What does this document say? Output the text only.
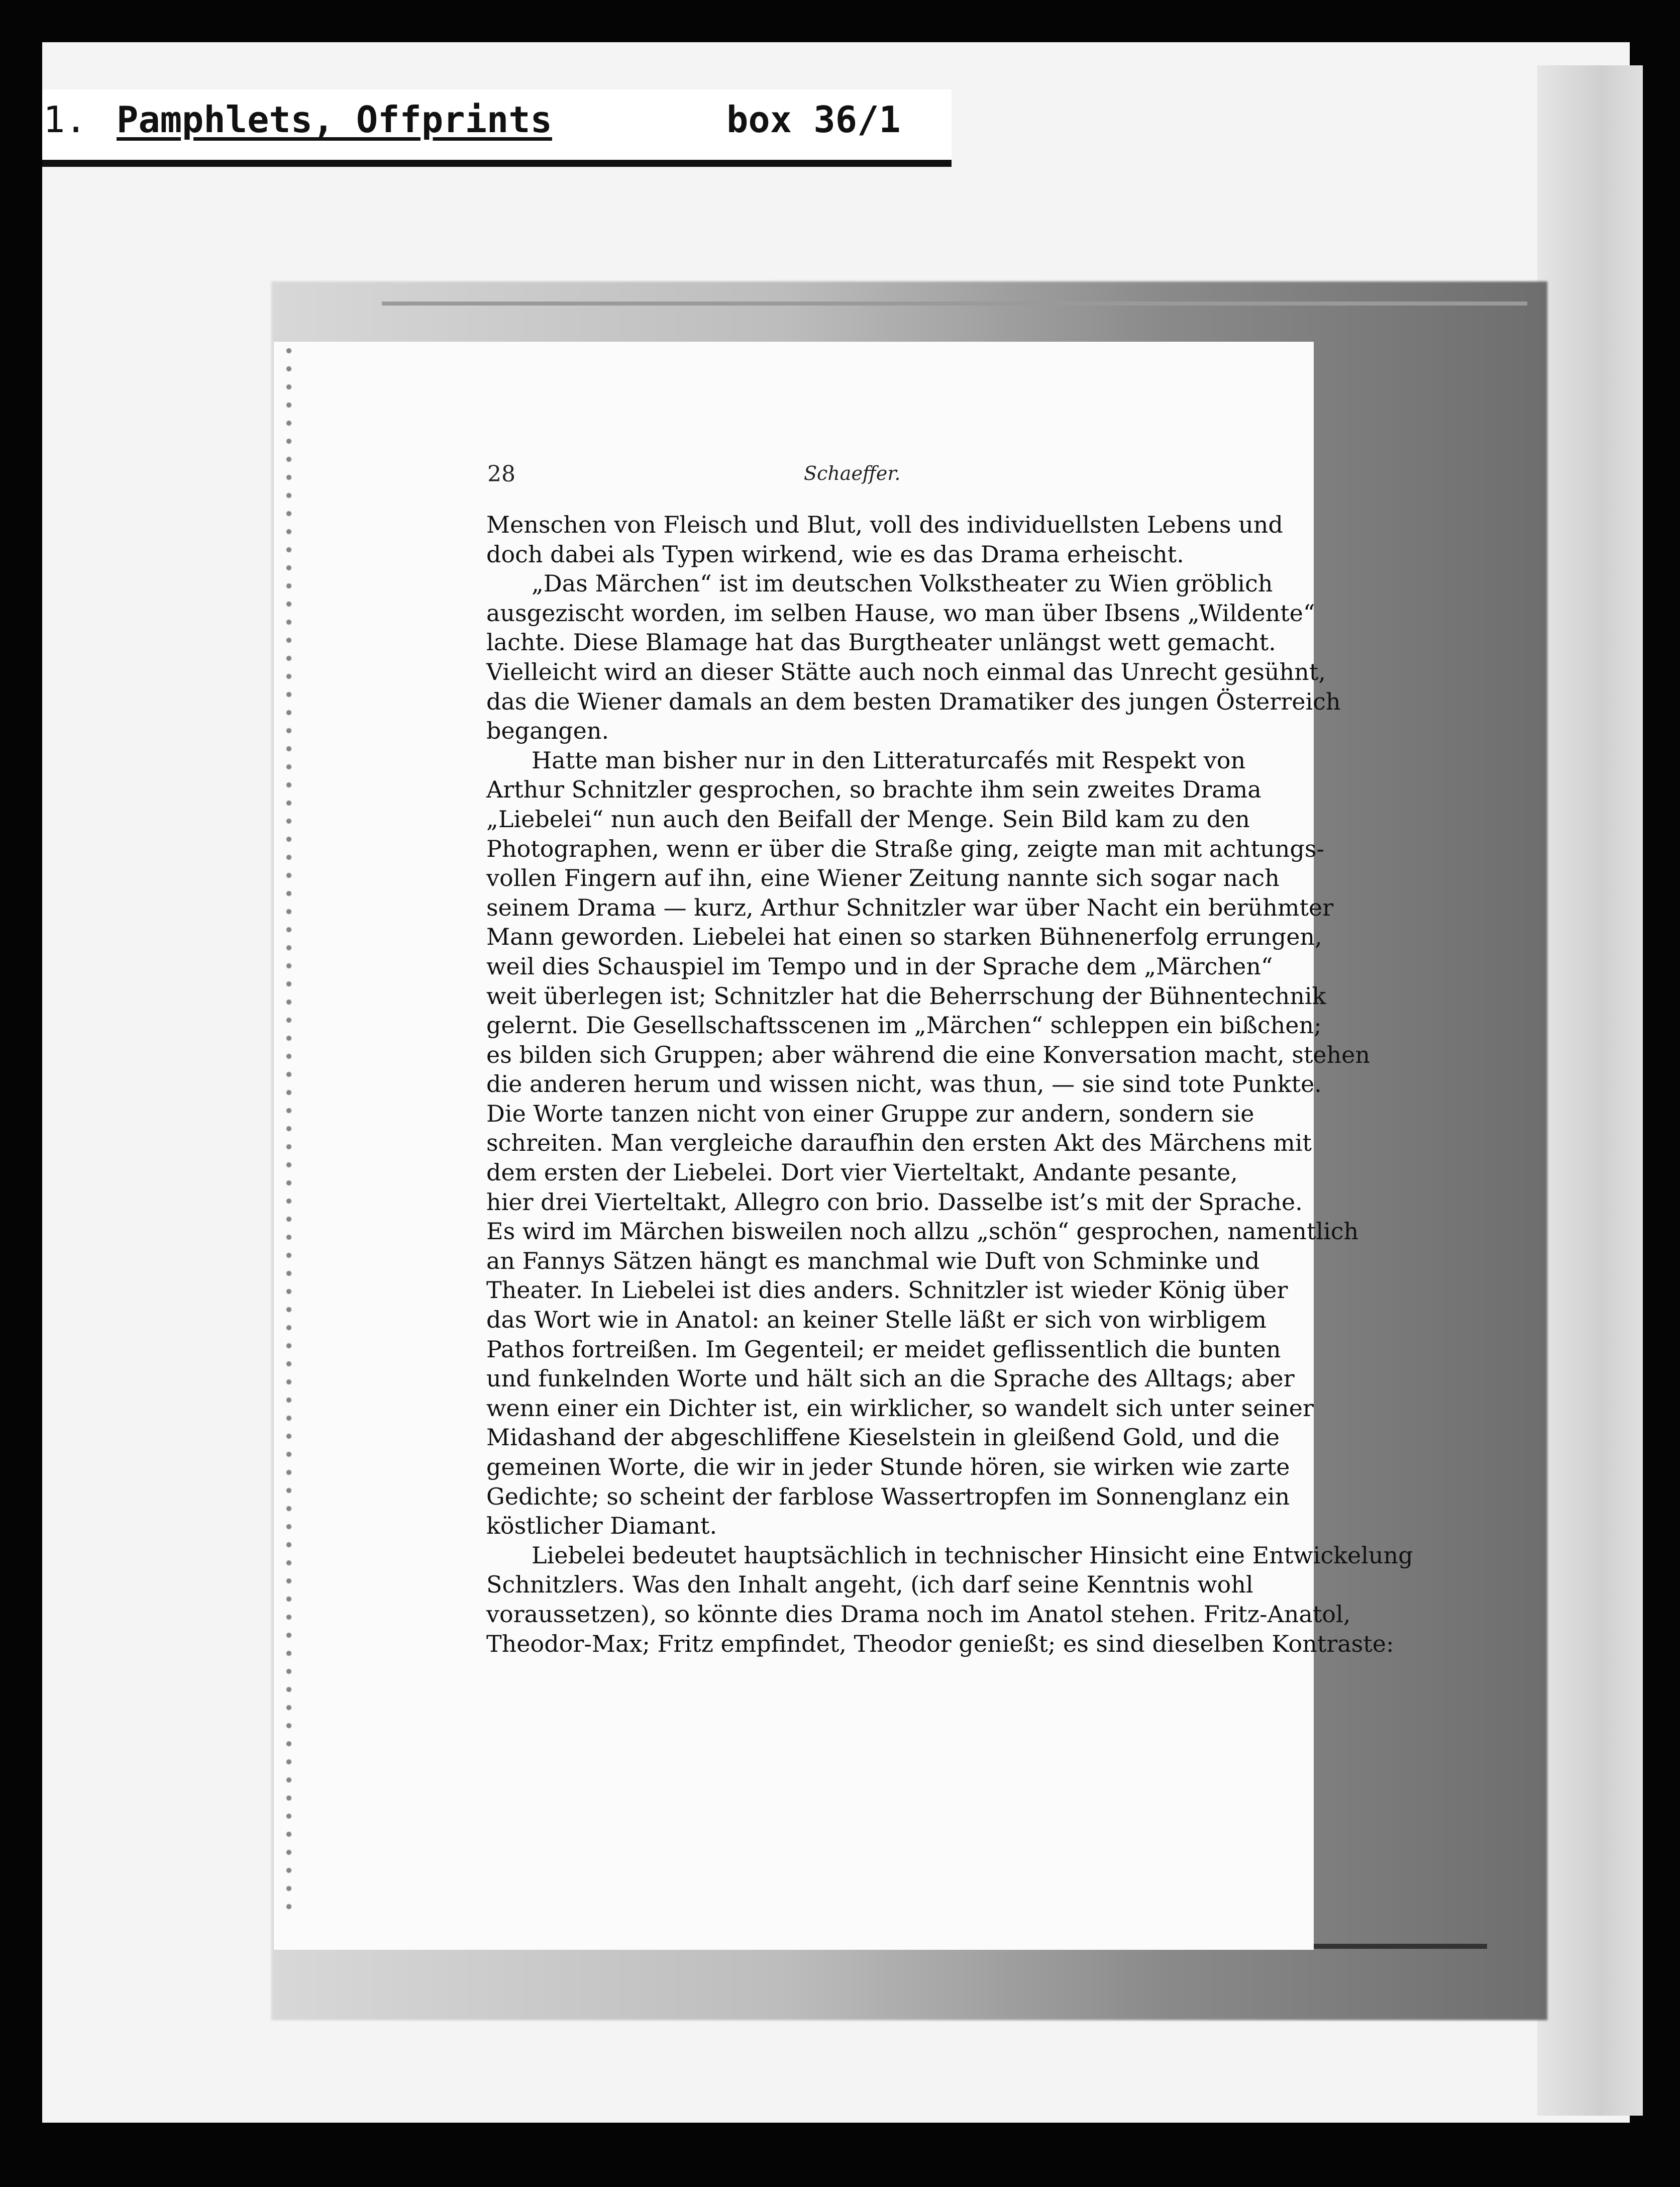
1. Pamphlets, Offprints	box 36/1
28	Schaeffer.

Menschen von Fleisch und Blut, voll des individuellsten Lebens und
doch dabei als Typen wirkend, wie es das Drama erheischt.

„Das Märchen“ ist im deutschen Volkstheater zu Wien gröblich
ausgezischt worden, im selben Hause, wo man über Ibsens „Wildente“
lachte. Diese Blamage hat das Burgtheater unlängst wett gemacht.
Vielleicht wird an dieser Stätte auch noch einmal das Unrecht gesühnt,
das die Wiener damals an dem besten Dramatiker des jungen Österreich
begangen.

Hatte man bisher nur in den Litteraturcafés mit Respekt von
Arthur Schnitzler gesprochen, so brachte ihm sein zweites Drama
„Liebelei“ nun auch den Beifall der Menge. Sein Bild kam zu den
Photographen, wenn er über die Straße ging, zeigte man mit achtungs-
vollen Fingern auf ihn, eine Wiener Zeitung nannte sich sogar nach
seinem Drama — kurz, Arthur Schnitzler war über Nacht ein berühmter
Mann geworden. Liebelei hat einen so starken Bühnenerfolg errungen,
weil dies Schauspiel im Tempo und in der Sprache dem „Märchen“
weit überlegen ist; Schnitzler hat die Beherrschung der Bühnentechnik
gelernt. Die Gesellschaftsscenen im „Märchen“ schleppen ein bißchen;
es bilden sich Gruppen; aber während die eine Konversation macht, stehen
die anderen herum und wissen nicht, was thun, — sie sind tote Punkte.
Die Worte tanzen nicht von einer Gruppe zur andern, sondern sie
schreiten. Man vergleiche daraufhin den ersten Akt des Märchens mit
dem ersten der Liebelei. Dort vier Vierteltakt, Andante pesante,
hier drei Vierteltakt, Allegro con brio. Dasselbe ist’s mit der Sprache.
Es wird im Märchen bisweilen noch allzu „schön“ gesprochen, namentlich
an Fannys Sätzen hängt es manchmal wie Duft von Schminke und
Theater. In Liebelei ist dies anders. Schnitzler ist wieder König über
das Wort wie in Anatol: an keiner Stelle läßt er sich von wirbligem
Pathos fortreißen. Im Gegenteil; er meidet geflissentlich die bunten
und funkelnden Worte und hält sich an die Sprache des Alltags; aber
wenn einer ein Dichter ist, ein wirklicher, so wandelt sich unter seiner
Midashand der abgeschliffene Kieselstein in gleißend Gold, und die
gemeinen Worte, die wir in jeder Stunde hören, sie wirken wie zarte
Gedichte; so scheint der farblose Wassertropfen im Sonnenglanz ein
köstlicher Diamant.

Liebelei bedeutet hauptsächlich in technischer Hinsicht eine Entwickelung
Schnitzlers. Was den Inhalt angeht, (ich darf seine Kenntnis wohl
voraussetzen), so könnte dies Drama noch im Anatol stehen. Fritz-Anatol,
Theodor-Max; Fritz empfindet, Theodor genießt; es sind dieselben Kontraste:
